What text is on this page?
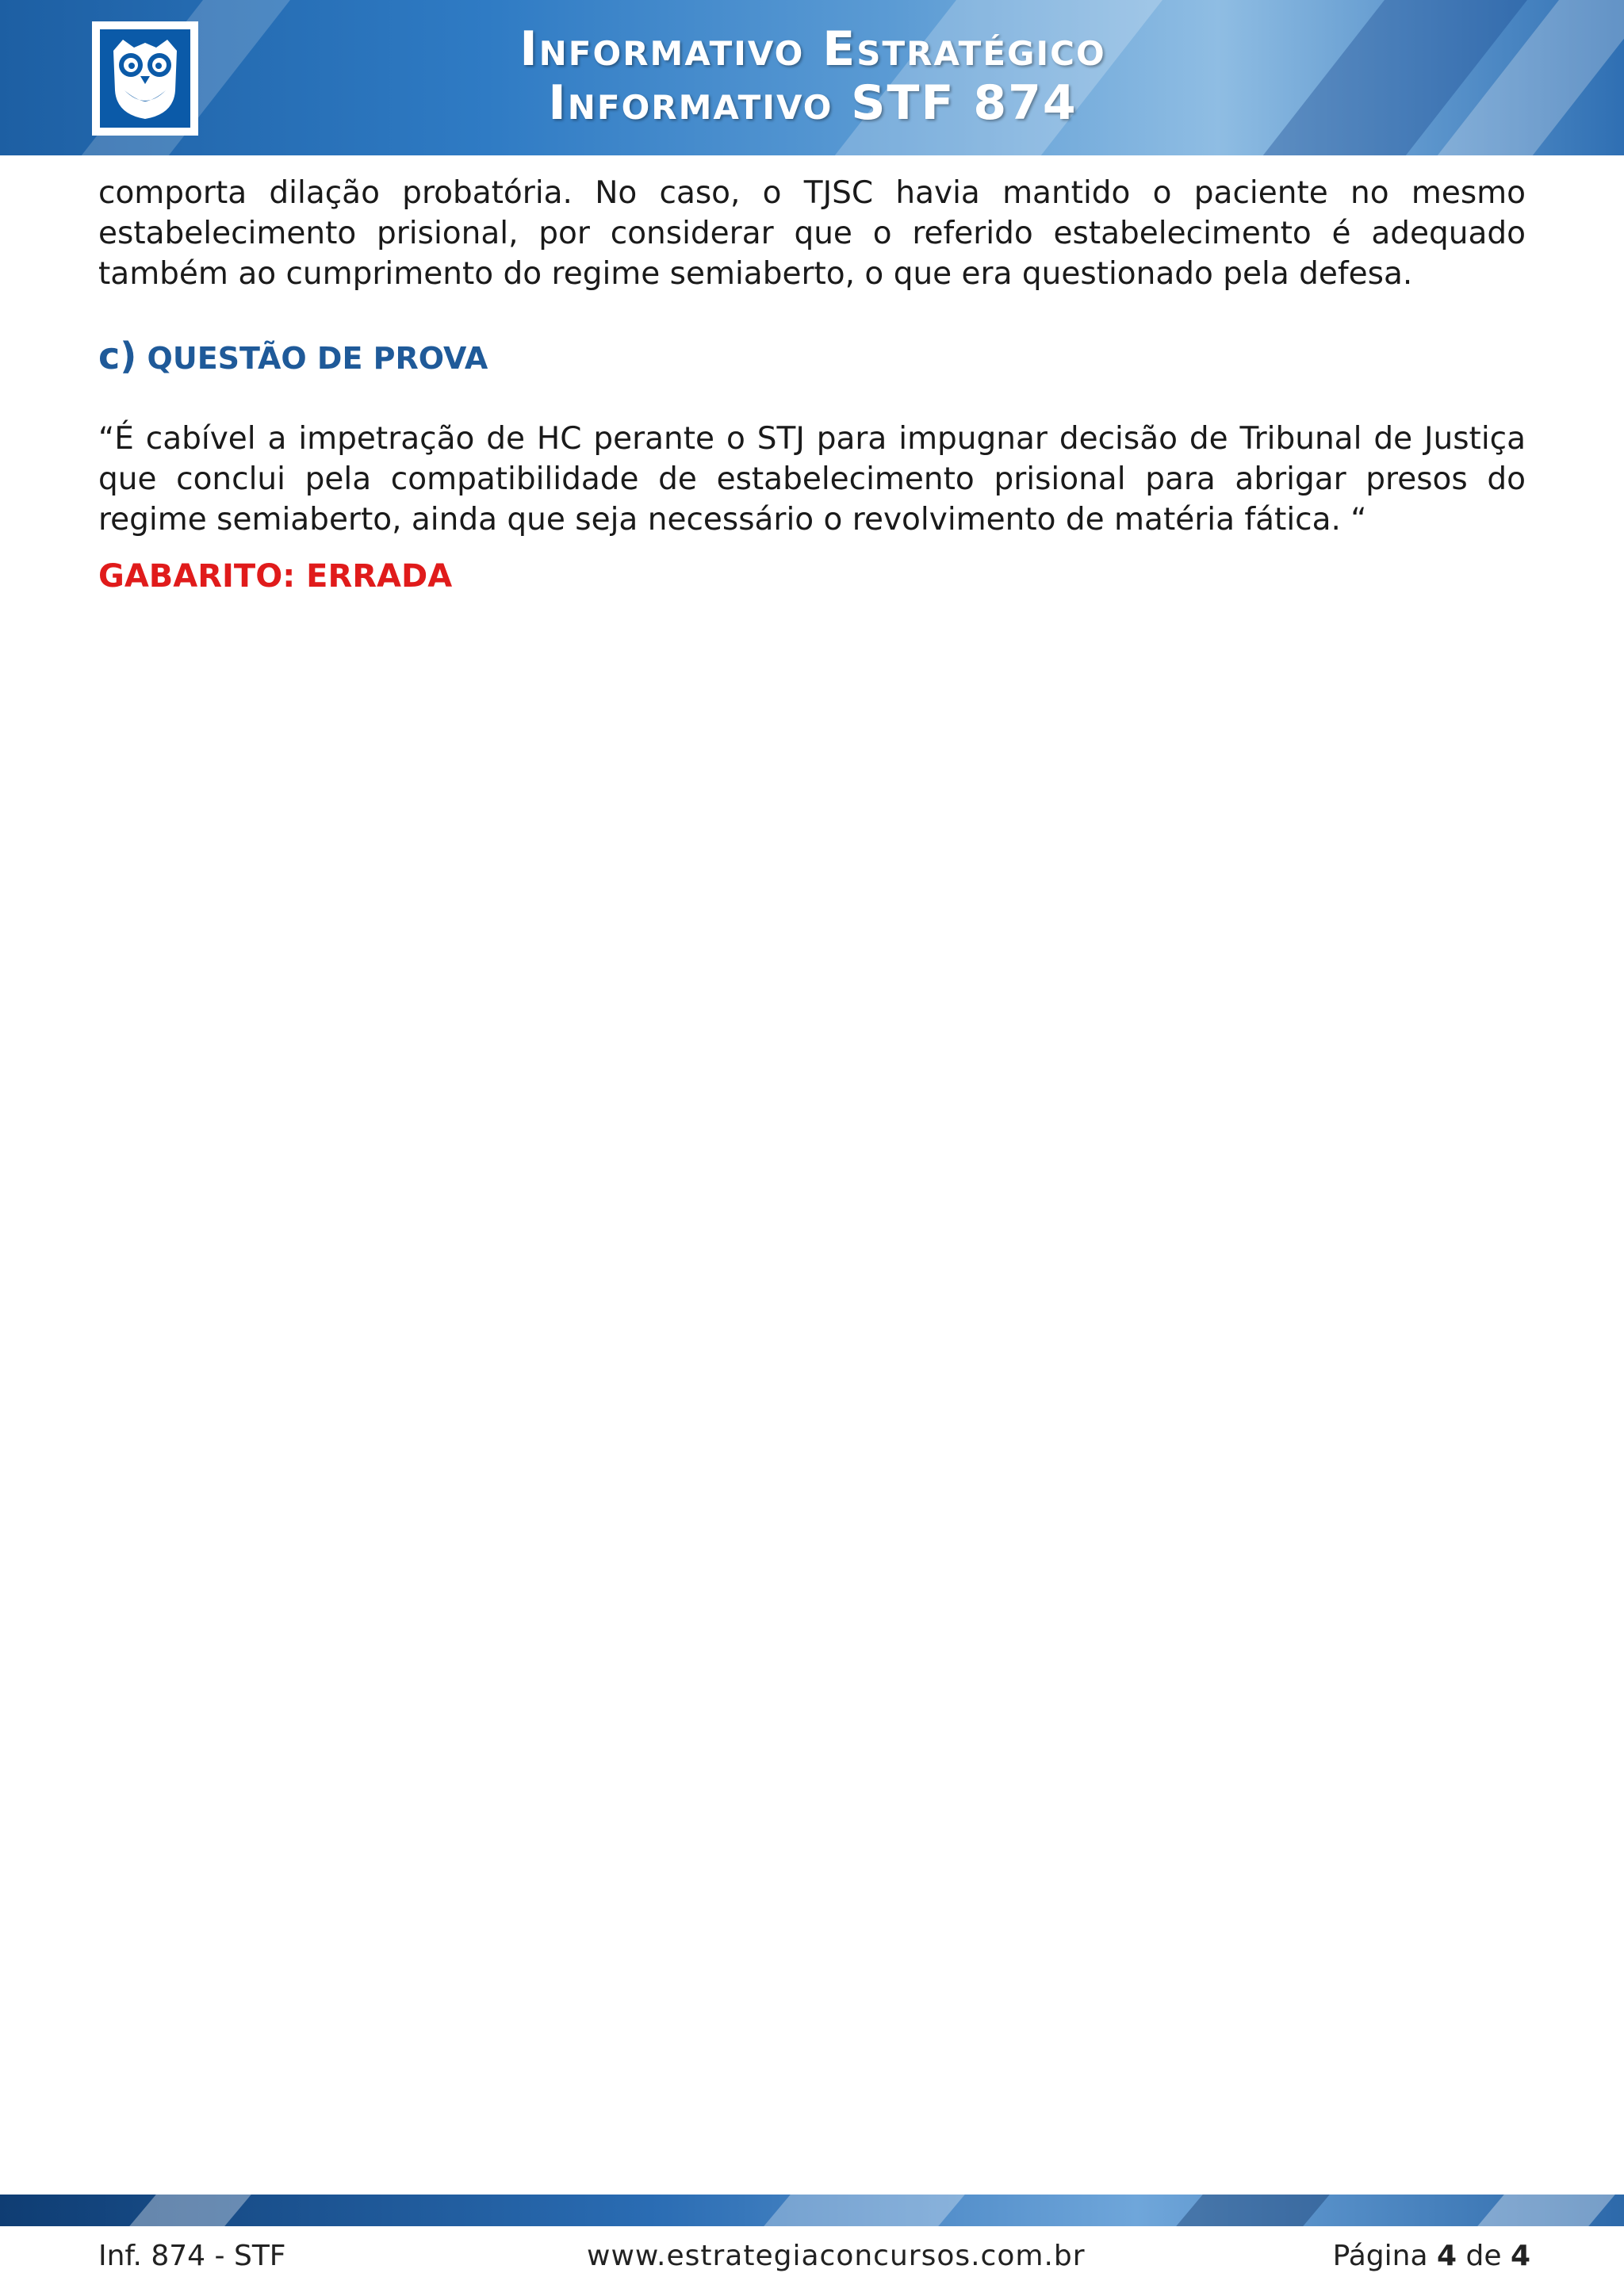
Informativo Estratégico
Informativo STF 874

comporta dilação probatória. No caso, o TJSC havia mantido o paciente no mesmo estabelecimento prisional, por considerar que o referido estabelecimento é adequado também ao cumprimento do regime semiaberto, o que era questionado pela defesa.

c) QUESTÃO DE PROVA

“É cabível a impetração de HC perante o STJ para impugnar decisão de Tribunal de Justiça que conclui pela compatibilidade de estabelecimento prisional para abrigar presos do regime semiaberto, ainda que seja necessário o revolvimento de matéria fática. “

GABARITO: ERRADA
Inf. 874 - STF	www.estrategiaconcursos.com.br	Página 4 de 4
